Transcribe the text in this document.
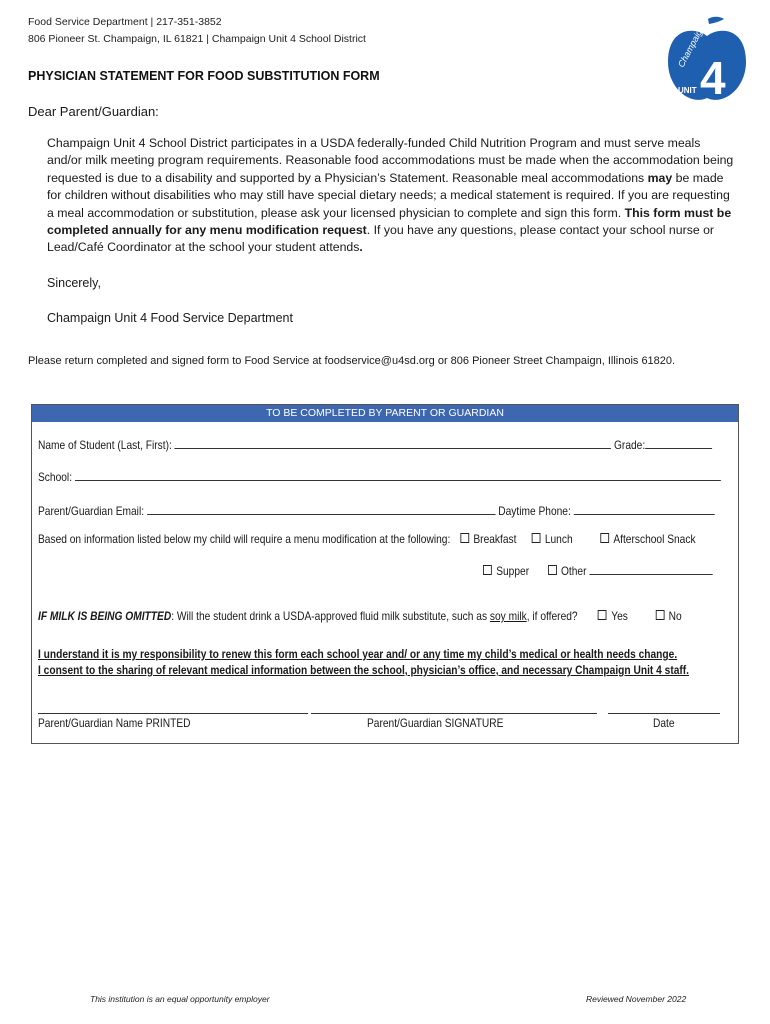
Food Service Department | 217-351-3852
806 Pioneer St. Champaign, IL 61821 | Champaign Unit 4 School District	Champaign
4
UNIT
PHYSICIAN STATEMENT FOR FOOD SUBSTITUTION FORM
Dear Parent/Guardian:
Champaign Unit 4 School District participates in a USDA federally-funded Child Nutrition Program and must serve meals and/or milk meeting program requirements. Reasonable food accommodations must be made when the accommodation being requested is due to a disability and supported by a Physician’s Statement. Reasonable meal accommodations may be made for children without disabilities who may still have special dietary needs; a medical statement is required. If you are requesting a meal accommodation or substitution, please ask your licensed physician to complete and sign this form. This form must be completed annually for any menu modification request. If you have any questions, please contact your school nurse or Lead/Café Coordinator at the school your student attends.
Sincerely,
Champaign Unit 4 Food Service Department
Please return completed and signed form to Food Service at foodservice@u4sd.org or 806 Pioneer Street Champaign, Illinois 61820.
TO BE COMPLETED BY PARENT OR GUARDIAN
Name of Student (Last, First):	Grade:
School:
Parent/Guardian Email:	Daytime Phone:
Based on information listed below my child will require a menu modification at the following: Breakfast Lunch	Afterschool Snack
Supper	Other
IF MILK IS BEING OMITTED: Will the student drink a USDA-approved fluid milk substitute, such as soy milk, if offered?	Yes	No
I understand it is my responsibility to renew this form each school year and/ or any time my child’s medical or health needs change.
I consent to the sharing of relevant medical information between the school, physician’s office, and necessary Champaign Unit 4 staff.
Parent/Guardian Name PRINTED	Parent/Guardian SIGNATURE	Date
This institution is an equal opportunity employer	Reviewed November 2022
